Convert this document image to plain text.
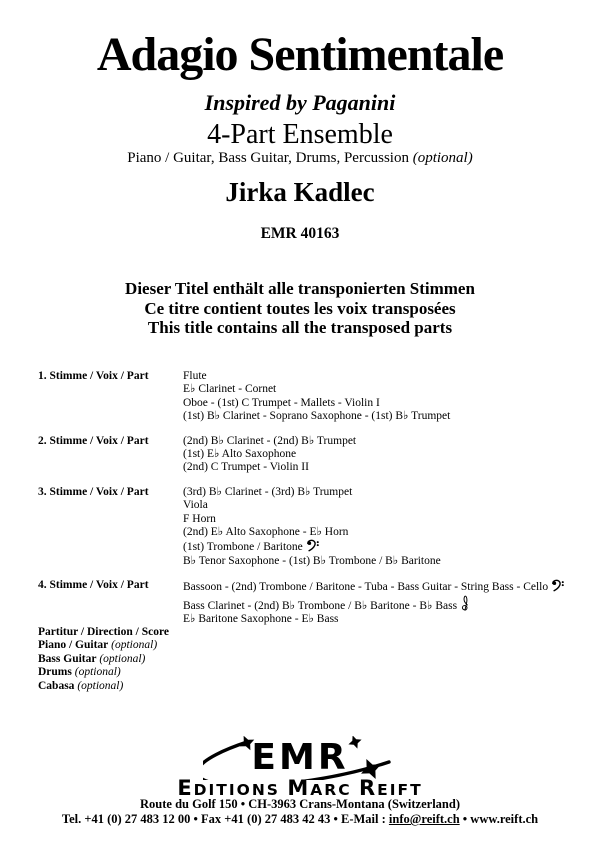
Adagio Sentimentale
Inspired by Paganini
4-Part Ensemble
Piano / Guitar, Bass Guitar, Drums, Percussion (optional)
Jirka Kadlec
EMR 40163
Dieser Titel enthält alle transponierten Stimmen
Ce titre contient toutes les voix transposées
This title contains all the transposed parts
1. Stimme / Voix / Part	Flute
E♭ Clarinet - Cornet
Oboe - (1st) C Trumpet - Mallets - Violin I
(1st) B♭ Clarinet - Soprano Saxophone - (1st) B♭ Trumpet
2. Stimme / Voix / Part	(2nd) B♭ Clarinet - (2nd) B♭ Trumpet
(1st) E♭ Alto Saxophone
(2nd) C Trumpet - Violin II
3. Stimme / Voix / Part	(3rd) B♭ Clarinet - (3rd) B♭ Trumpet
Viola
F Horn
(2nd) E♭ Alto Saxophone - E♭ Horn
(1st) Trombone / Baritone
B♭ Tenor Saxophone - (1st) B♭ Trombone / B♭ Baritone
4. Stimme / Voix / Part	Bassoon - (2nd) Trombone / Baritone - Tuba - Bass Guitar - String Bass - Cello
Bass Clarinet - (2nd) B♭ Trombone / B♭ Baritone - B♭ Bass
E♭ Baritone Saxophone - E♭ Bass
Partitur / Direction / Score
Piano / Guitar (optional)
Bass Guitar (optional)
Drums (optional)
Cabasa (optional)
EMR
EDITIONS MARC REIFT
Route du Golf 150 • CH-3963 Crans-Montana (Switzerland)
Tel. +41 (0) 27 483 12 00 • Fax +41 (0) 27 483 42 43 • E-Mail : info@reift.ch • www.reift.ch
